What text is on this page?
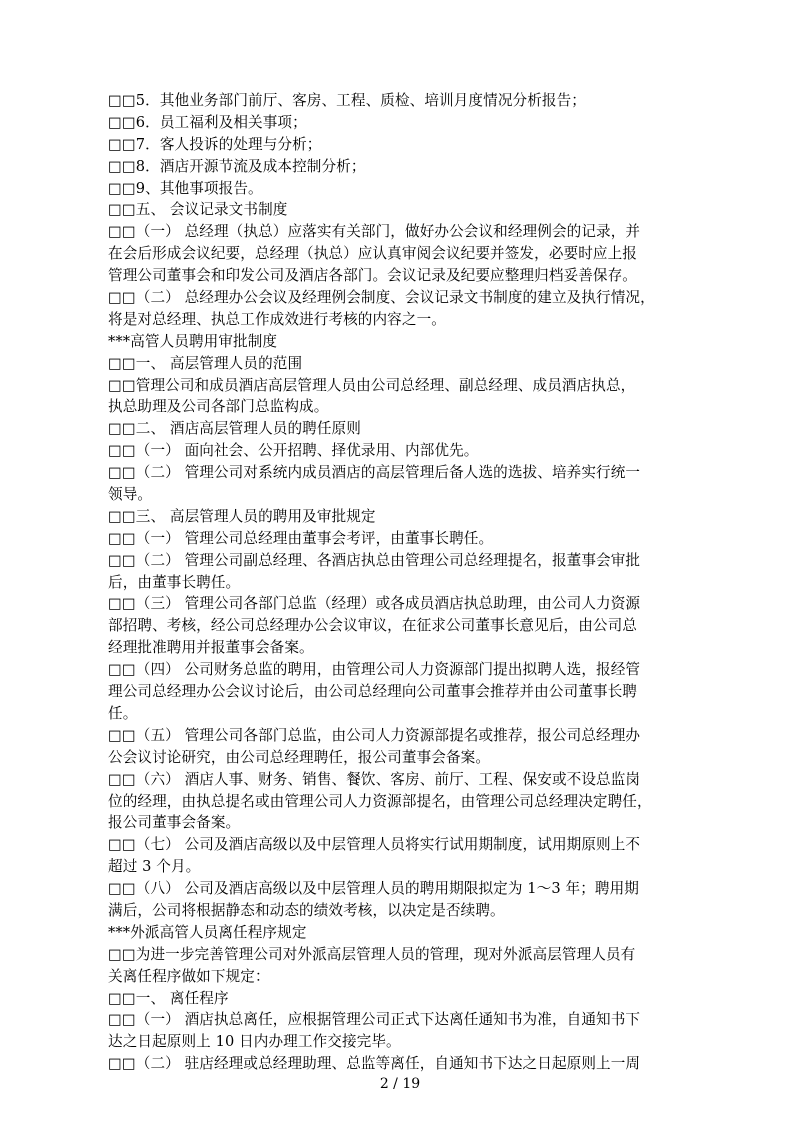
□□5．其他业务部门前厅、客房、工程、质检、培训月度情况分析报告；
□□6．员工福利及相关事项；
□□7．客人投诉的处理与分析；
□□8．酒店开源节流及成本控制分析；
□□9、其他事项报告。
□□五、 会议记录文书制度
□□（一） 总经理（执总）应落实有关部门，做好办公会议和经理例会的记录，并
在会后形成会议纪要，总经理（执总）应认真审阅会议纪要并签发，必要时应上报
管理公司董事会和印发公司及酒店各部门。会议记录及纪要应整理归档妥善保存。
□□（二） 总经理办公会议及经理例会制度、会议记录文书制度的建立及执行情况，
将是对总经理、执总工作成效进行考核的内容之一。
***高管人员聘用审批制度
□□一、 高层管理人员的范围
□□管理公司和成员酒店高层管理人员由公司总经理、副总经理、成员酒店执总，
执总助理及公司各部门总监构成。
□□二、 酒店高层管理人员的聘任原则
□□（一） 面向社会、公开招聘、择优录用、内部优先。
□□（二） 管理公司对系统内成员酒店的高层管理后备人选的选拔、培养实行统一
领导。
□□三、 高层管理人员的聘用及审批规定
□□（一） 管理公司总经理由董事会考评，由董事长聘任。
□□（二） 管理公司副总经理、各酒店执总由管理公司总经理提名，报董事会审批
后，由董事长聘任。
□□（三） 管理公司各部门总监（经理）或各成员酒店执总助理，由公司人力资源
部招聘、考核，经公司总经理办公会议审议，在征求公司董事长意见后，由公司总
经理批准聘用并报董事会备案。
□□（四） 公司财务总监的聘用，由管理公司人力资源部门提出拟聘人选，报经管
理公司总经理办公会议讨论后，由公司总经理向公司董事会推荐并由公司董事长聘
任。
□□（五） 管理公司各部门总监，由公司人力资源部提名或推荐，报公司总经理办
公会议讨论研究，由公司总经理聘任，报公司董事会备案。
□□（六） 酒店人事、财务、销售、餐饮、客房、前厅、工程、保安或不设总监岗
位的经理，由执总提名或由管理公司人力资源部提名，由管理公司总经理决定聘任，
报公司董事会备案。
□□（七） 公司及酒店高级以及中层管理人员将实行试用期制度，试用期原则上不
超过 3 个月。
□□（八） 公司及酒店高级以及中层管理人员的聘用期限拟定为 1～3 年；聘用期
满后，公司将根据静态和动态的绩效考核，以决定是否续聘。
***外派高管人员离任程序规定
□□为进一步完善管理公司对外派高层管理人员的管理，现对外派高层管理人员有
关离任程序做如下规定：
□□一、 离任程序
□□（一） 酒店执总离任，应根据管理公司正式下达离任通知书为准，自通知书下
达之日起原则上 10 日内办理工作交接完毕。
□□（二） 驻店经理或总经理助理、总监等离任，自通知书下达之日起原则上一周
2 / 19
